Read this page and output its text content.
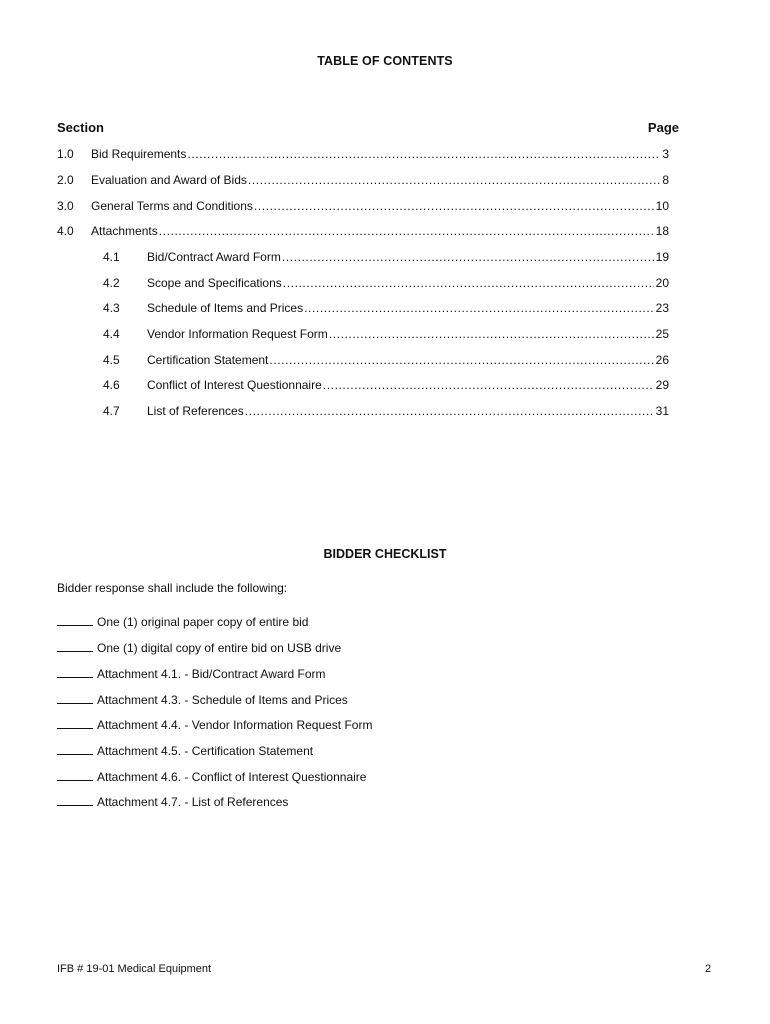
TABLE OF CONTENTS
Section	Page
1.0	Bid Requirements .....	3
2.0	Evaluation and Award of Bids .....	8
3.0	General Terms and Conditions .....	10
4.0	Attachments .....	18
4.1	Bid/Contract Award Form .....	19
4.2	Scope and Specifications .....	20
4.3	Schedule of Items and Prices .....	23
4.4	Vendor Information Request Form .....	25
4.5	Certification Statement .....	26
4.6	Conflict of Interest Questionnaire .....	29
4.7	List of References .....	31
BIDDER CHECKLIST
Bidder response shall include the following:
One (1) original paper copy of entire bid
One (1) digital copy of entire bid on USB drive
Attachment 4.1. - Bid/Contract Award Form
Attachment 4.3. - Schedule of Items and Prices
Attachment 4.4. - Vendor Information Request Form
Attachment 4.5. - Certification Statement
Attachment 4.6. - Conflict of Interest Questionnaire
Attachment 4.7. - List of References
IFB # 19-01 Medical Equipment	2
